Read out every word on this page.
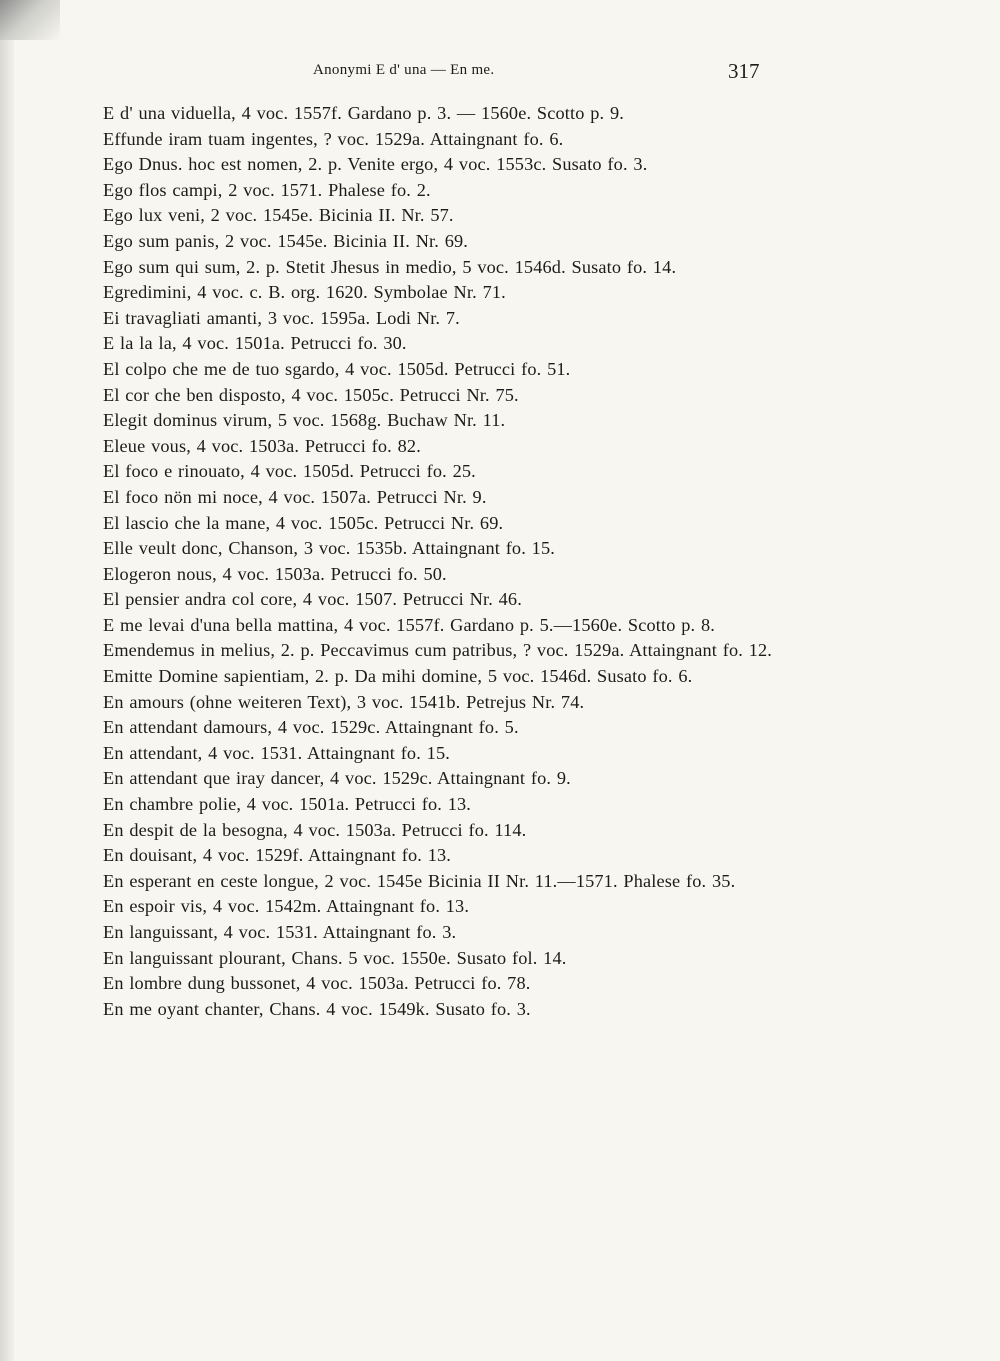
Anonymi E d' una — En me.	317
E d' una viduella, 4 voc. 1557f. Gardano p. 3. — 1560e. Scotto p. 9.
Effunde iram tuam ingentes, ? voc. 1529a. Attaingnant fo. 6.
Ego Dnus. hoc est nomen, 2. p. Venite ergo, 4 voc. 1553c. Susato fo. 3.
Ego flos campi, 2 voc. 1571. Phalese fo. 2.
Ego lux veni, 2 voc. 1545e. Bicinia II. Nr. 57.
Ego sum panis, 2 voc. 1545e. Bicinia II. Nr. 69.
Ego sum qui sum, 2. p. Stetit Jhesus in medio, 5 voc. 1546d. Susato fo. 14.
Egredimini, 4 voc. c. B. org. 1620. Symbolae Nr. 71.
Ei travagliati amanti, 3 voc. 1595a. Lodi Nr. 7.
E la la la, 4 voc. 1501a. Petrucci fo. 30.
El colpo che me de tuo sgardo, 4 voc. 1505d. Petrucci fo. 51.
El cor che ben disposto, 4 voc. 1505c. Petrucci Nr. 75.
Elegit dominus virum, 5 voc. 1568g. Buchaw Nr. 11.
Eleue vous, 4 voc. 1503a. Petrucci fo. 82.
El foco e rinouato, 4 voc. 1505d. Petrucci fo. 25.
El foco nön mi noce, 4 voc. 1507a. Petrucci Nr. 9.
El lascio che la mane, 4 voc. 1505c. Petrucci Nr. 69.
Elle veult donc, Chanson, 3 voc. 1535b. Attaingnant fo. 15.
Elogeron nous, 4 voc. 1503a. Petrucci fo. 50.
El pensier andra col core, 4 voc. 1507. Petrucci Nr. 46.
E me levai d'una bella mattina, 4 voc. 1557f. Gardano p. 5.—1560e. Scotto p. 8.
Emendemus in melius, 2. p. Peccavimus cum patribus, ? voc. 1529a. Attaingnant fo. 12.
Emitte Domine sapientiam, 2. p. Da mihi domine, 5 voc. 1546d. Susato fo. 6.
En amours (ohne weiteren Text), 3 voc. 1541b. Petrejus Nr. 74.
En attendant damours, 4 voc. 1529c. Attaingnant fo. 5.
En attendant, 4 voc. 1531. Attaingnant fo. 15.
En attendant que iray dancer, 4 voc. 1529c. Attaingnant fo. 9.
En chambre polie, 4 voc. 1501a. Petrucci fo. 13.
En despit de la besogna, 4 voc. 1503a. Petrucci fo. 114.
En douisant, 4 voc. 1529f. Attaingnant fo. 13.
En esperant en ceste longue, 2 voc. 1545e Bicinia II Nr. 11.—1571. Phalese fo. 35.
En espoir vis, 4 voc. 1542m. Attaingnant fo. 13.
En languissant, 4 voc. 1531. Attaingnant fo. 3.
En languissant plourant, Chans. 5 voc. 1550e. Susato fol. 14.
En lombre dung bussonet, 4 voc. 1503a. Petrucci fo. 78.
En me oyant chanter, Chans. 4 voc. 1549k. Susato fo. 3.
